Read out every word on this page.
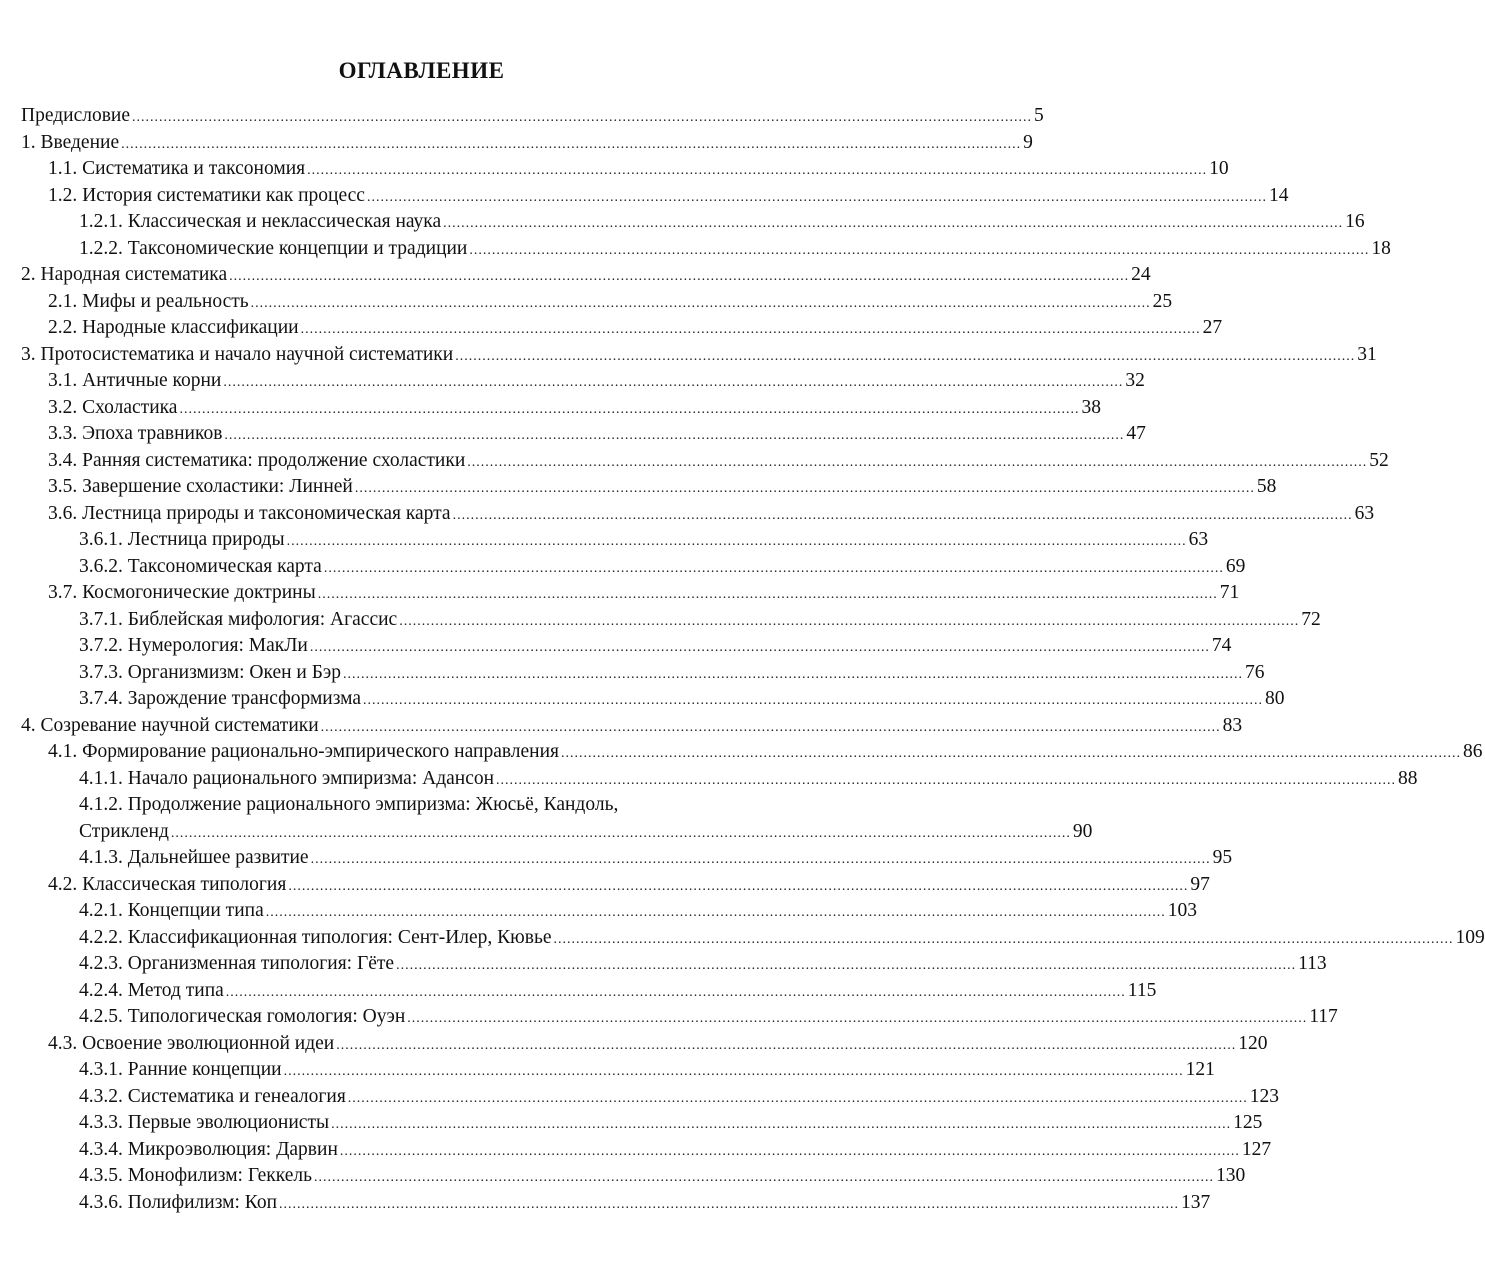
ОГЛАВЛЕНИЕ
Предисловие ........................................................................................................................................................................................................ 5
1. Введение ........................................................................................................................................................................................................ 9
1.1. Систематика и таксономия ........................................................................................................................................................................................................ 10
1.2. История систематики как процесс ........................................................................................................................................................................................................ 14
1.2.1. Классическая и неклассическая наука ........................................................................................................................................................................................................ 16
1.2.2. Таксономические концепции и традиции ........................................................................................................................................................................................................ 18
2. Народная систематика ........................................................................................................................................................................................................ 24
2.1. Мифы и реальность ........................................................................................................................................................................................................ 25
2.2. Народные классификации ........................................................................................................................................................................................................ 27
3. Протосистематика и начало научной систематики ........................................................................................................................................................................................................ 31
3.1. Античные корни ........................................................................................................................................................................................................ 32
3.2. Схоластика ........................................................................................................................................................................................................ 38
3.3. Эпоха травников ........................................................................................................................................................................................................ 47
3.4. Ранняя систематика: продолжение схоластики ........................................................................................................................................................................................................ 52
3.5. Завершение схоластики: Линней ........................................................................................................................................................................................................ 58
3.6. Лестница природы и таксономическая карта ........................................................................................................................................................................................................ 63
3.6.1. Лестница природы ........................................................................................................................................................................................................ 63
3.6.2. Таксономическая карта ........................................................................................................................................................................................................ 69
3.7. Космогонические доктрины ........................................................................................................................................................................................................ 71
3.7.1. Библейская мифология: Агассис ........................................................................................................................................................................................................ 72
3.7.2. Нумерология: МакЛи ........................................................................................................................................................................................................ 74
3.7.3. Организмизм: Окен и Бэр ........................................................................................................................................................................................................ 76
3.7.4. Зарождение трансформизма ........................................................................................................................................................................................................ 80
4. Созревание научной систематики ........................................................................................................................................................................................................ 83
4.1. Формирование рационально-эмпирического направления ........................................................................................................................................................................................................ 86
4.1.1. Начало рационального эмпиризма: Адансон ........................................................................................................................................................................................................ 88
4.1.2. Продолжение рационального эмпиризма: Жюсьё, Кандоль,
Стрикленд ........................................................................................................................................................................................................ 90
4.1.3. Дальнейшее развитие ........................................................................................................................................................................................................ 95
4.2. Классическая типология ........................................................................................................................................................................................................ 97
4.2.1. Концепции типа ........................................................................................................................................................................................................ 103
4.2.2. Классификационная типология: Сент-Илер, Кювье ........................................................................................................................................................................................................ 109
4.2.3. Организменная типология: Гёте ........................................................................................................................................................................................................ 113
4.2.4. Метод типа ........................................................................................................................................................................................................ 115
4.2.5. Типологическая гомология: Оуэн ........................................................................................................................................................................................................ 117
4.3. Освоение эволюционной идеи ........................................................................................................................................................................................................ 120
4.3.1. Ранние концепции ........................................................................................................................................................................................................ 121
4.3.2. Систематика и генеалогия ........................................................................................................................................................................................................ 123
4.3.3. Первые эволюционисты ........................................................................................................................................................................................................ 125
4.3.4. Микроэволюция: Дарвин ........................................................................................................................................................................................................ 127
4.3.5. Монофилизм: Геккель ........................................................................................................................................................................................................ 130
4.3.6. Полифилизм: Коп ........................................................................................................................................................................................................ 137
